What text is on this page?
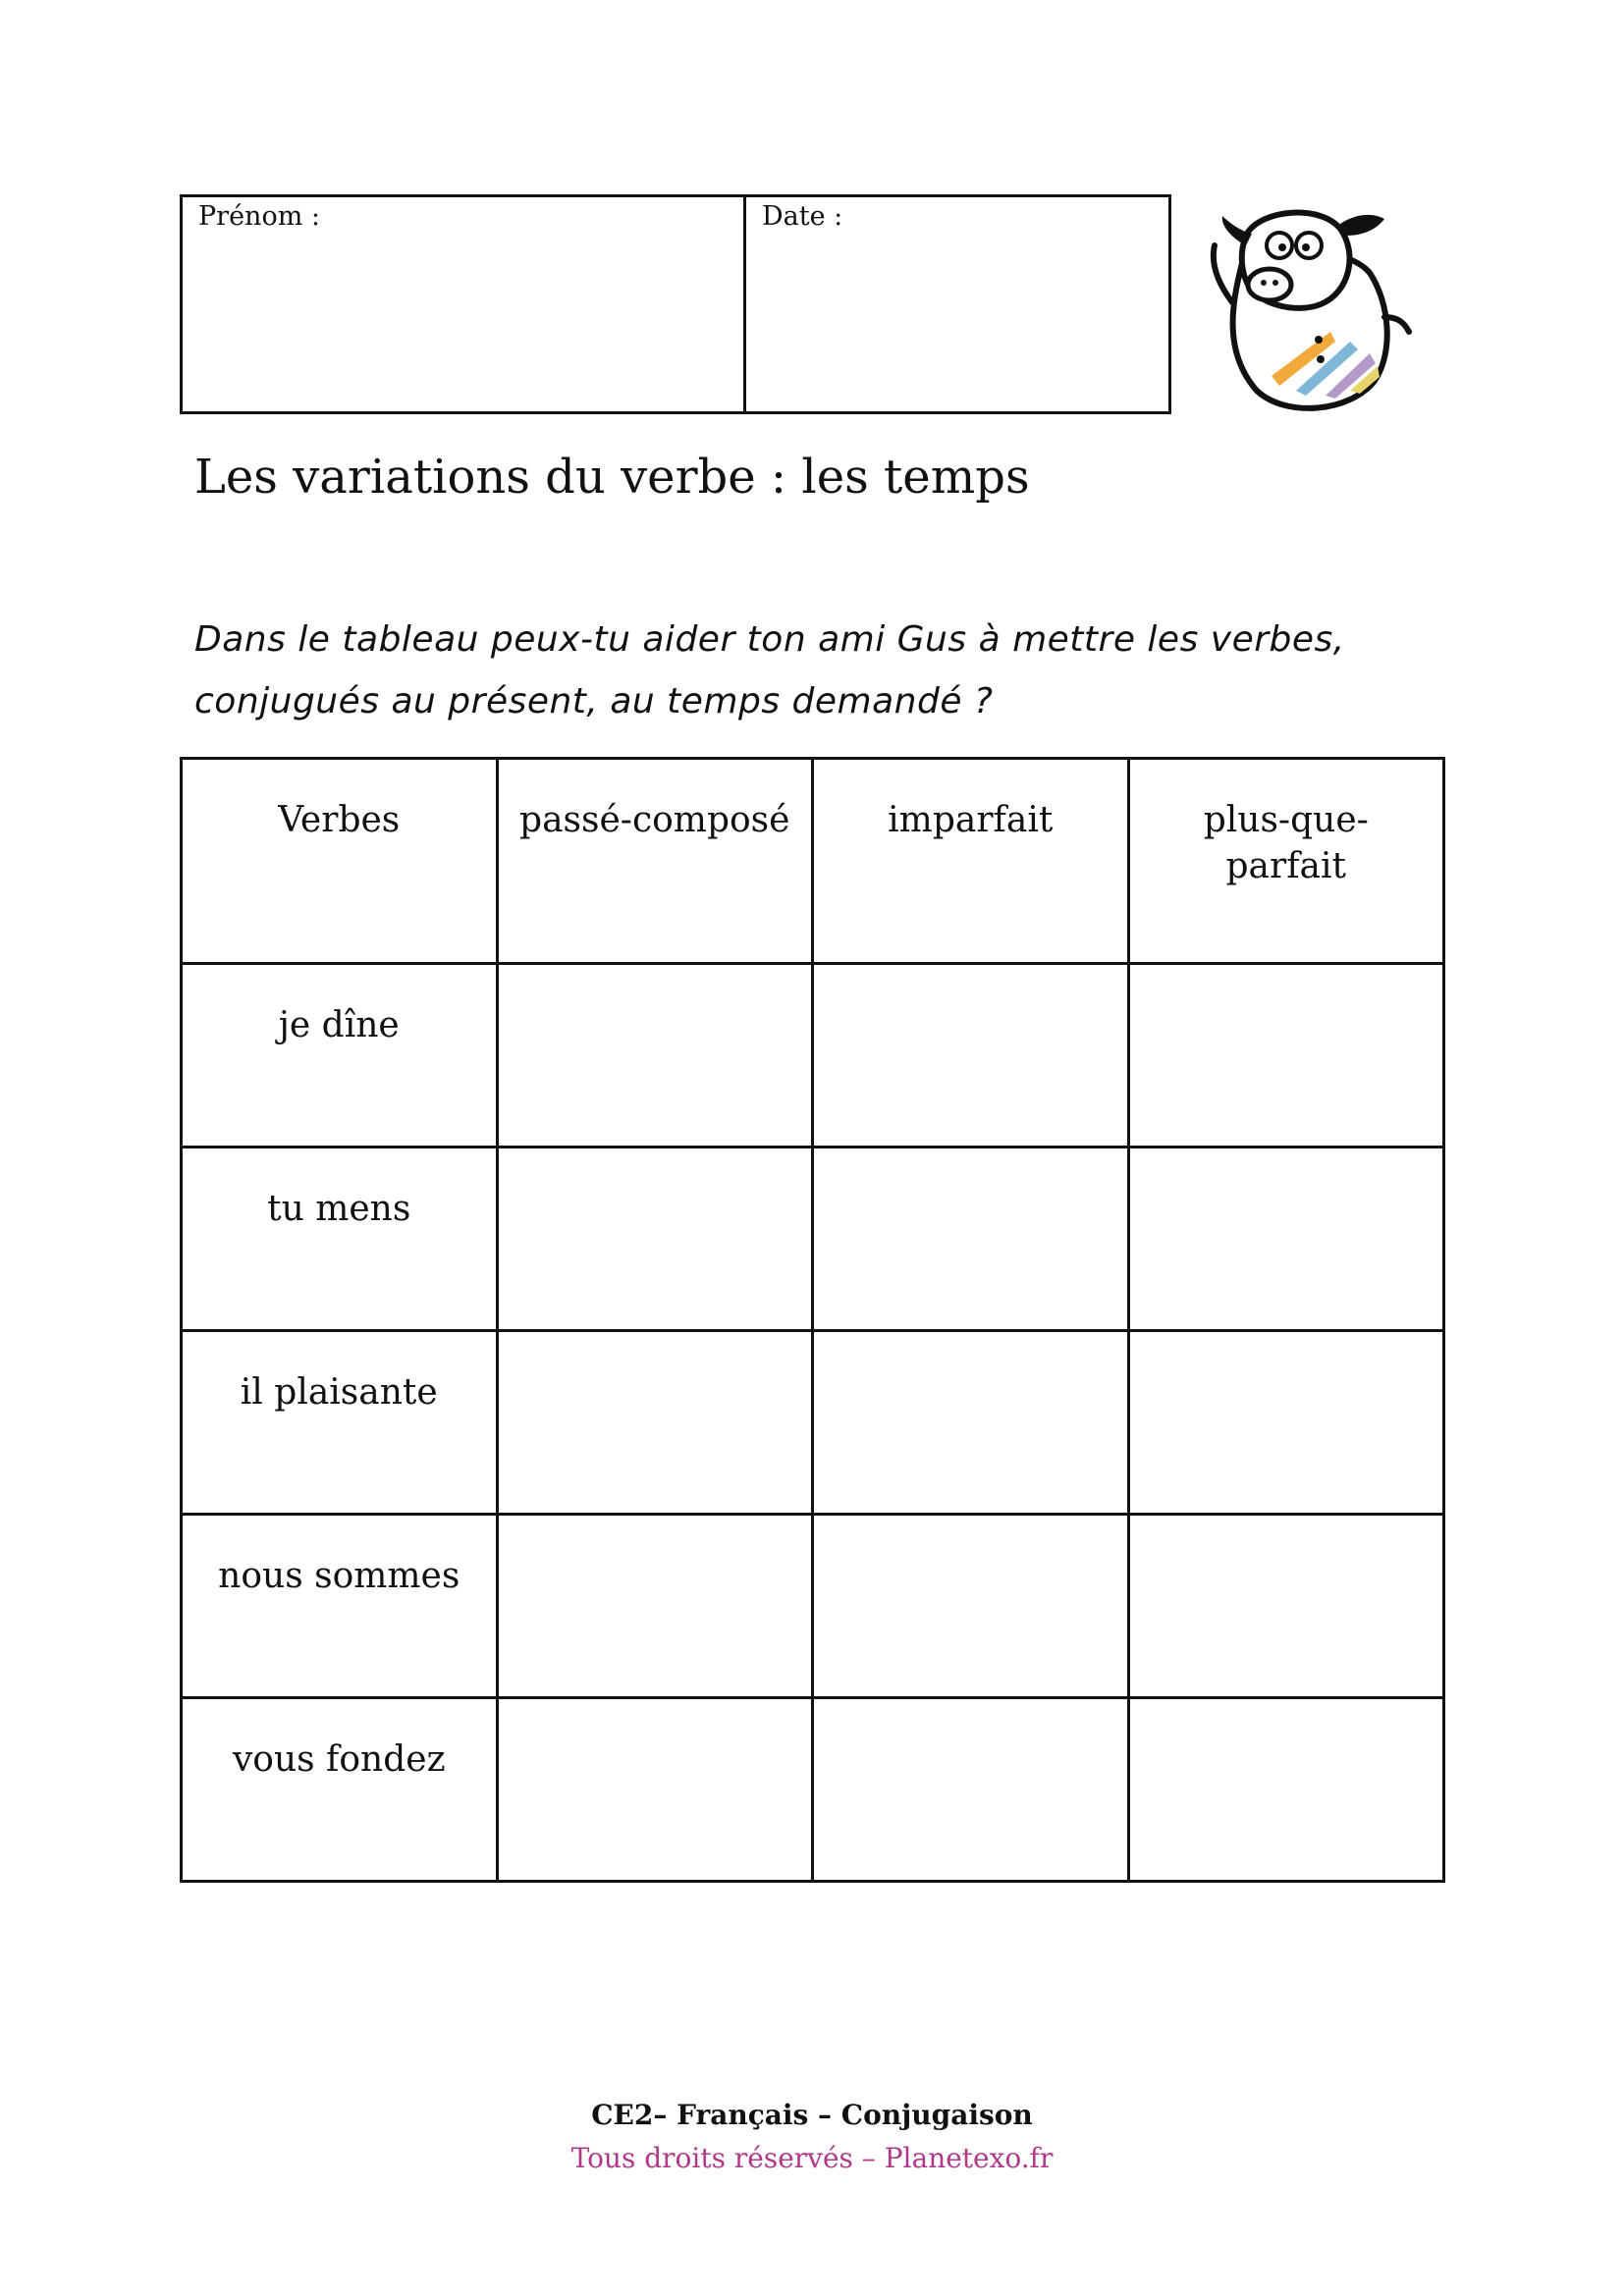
Prénom :	Date :
Les variations du verbe : les temps
Dans le tableau peux-tu aider ton ami Gus à mettre les verbes, conjugués au présent, au temps demandé ?
Verbes	passé-composé	imparfait	plus-que-parfait
je dîne			
tu mens			
il plaisante			
nous sommes			
vous fondez			
CE2– Français – Conjugaison
Tous droits réservés – Planetexo.fr
